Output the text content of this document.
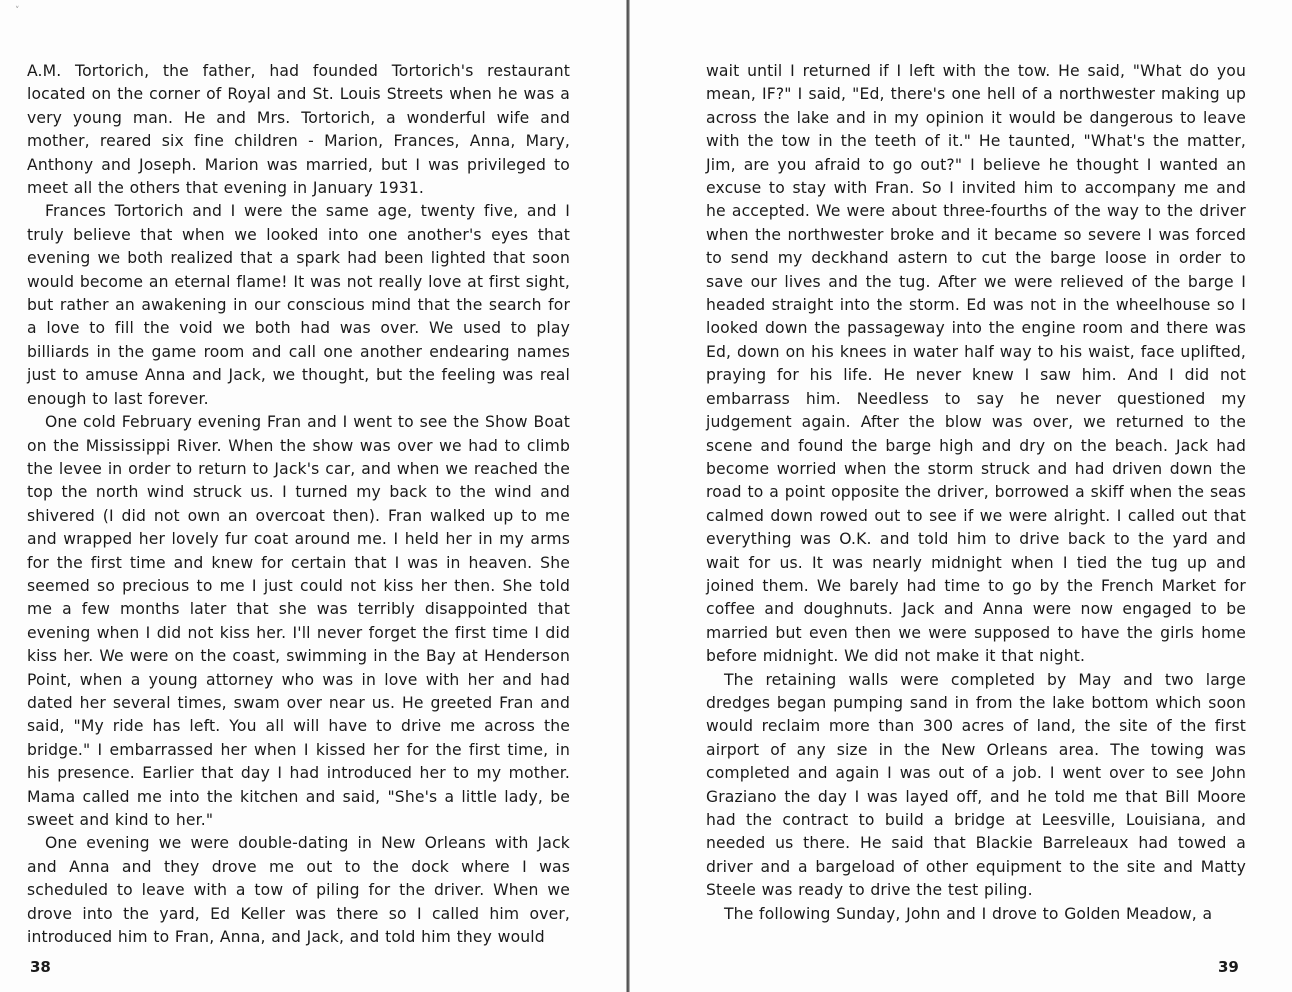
˅

A.M. Tortorich, the father, had founded Tortorich's restaurant located on the corner of Royal and St. Louis Streets when he was a very young man. He and Mrs. Tortorich, a wonderful wife and mother, reared six fine children - Marion, Frances, Anna, Mary, Anthony and Joseph. Marion was married, but I was privileged to meet all the others that evening in January 1931.

Frances Tortorich and I were the same age, twenty five, and I truly believe that when we looked into one another's eyes that evening we both realized that a spark had been lighted that soon would become an eternal flame! It was not really love at first sight, but rather an awakening in our conscious mind that the search for a love to fill the void we both had was over. We used to play billiards in the game room and call one another endearing names just to amuse Anna and Jack, we thought, but the feeling was real enough to last forever.

One cold February evening Fran and I went to see the Show Boat on the Mississippi River. When the show was over we had to climb the levee in order to return to Jack's car, and when we reached the top the north wind struck us. I turned my back to the wind and shivered (I did not own an overcoat then). Fran walked up to me and wrapped her lovely fur coat around me. I held her in my arms for the first time and knew for certain that I was in heaven. She seemed so precious to me I just could not kiss her then. She told me a few months later that she was terribly disappointed that evening when I did not kiss her. I'll never forget the first time I did kiss her. We were on the coast, swimming in the Bay at Henderson Point, when a young attorney who was in love with her and had dated her several times, swam over near us. He greeted Fran and said, "My ride has left. You all will have to drive me across the bridge." I embarrassed her when I kissed her for the first time, in his presence. Earlier that day I had introduced her to my mother. Mama called me into the kitchen and said, "She's a little lady, be sweet and kind to her."

One evening we were double-dating in New Orleans with Jack and Anna and they drove me out to the dock where I was scheduled to leave with a tow of piling for the driver. When we drove into the yard, Ed Keller was there so I called him over, introduced him to Fran, Anna, and Jack, and told him they would

38

wait until I returned if I left with the tow. He said, "What do you mean, IF?" I said, "Ed, there's one hell of a northwester making up across the lake and in my opinion it would be dangerous to leave with the tow in the teeth of it." He taunted, "What's the matter, Jim, are you afraid to go out?" I believe he thought I wanted an excuse to stay with Fran. So I invited him to accompany me and he accepted. We were about three-fourths of the way to the driver when the northwester broke and it became so severe I was forced to send my deckhand astern to cut the barge loose in order to save our lives and the tug. After we were relieved of the barge I headed straight into the storm. Ed was not in the wheelhouse so I looked down the passageway into the engine room and there was Ed, down on his knees in water half way to his waist, face uplifted, praying for his life. He never knew I saw him. And I did not embarrass him. Needless to say he never questioned my judgement again. After the blow was over, we returned to the scene and found the barge high and dry on the beach. Jack had become worried when the storm struck and had driven down the road to a point opposite the driver, borrowed a skiff when the seas calmed down rowed out to see if we were alright. I called out that everything was O.K. and told him to drive back to the yard and wait for us. It was nearly midnight when I tied the tug up and joined them. We barely had time to go by the French Market for coffee and doughnuts. Jack and Anna were now engaged to be married but even then we were supposed to have the girls home before midnight. We did not make it that night.

The retaining walls were completed by May and two large dredges began pumping sand in from the lake bottom which soon would reclaim more than 300 acres of land, the site of the first airport of any size in the New Orleans area. The towing was completed and again I was out of a job. I went over to see John Graziano the day I was layed off, and he told me that Bill Moore had the contract to build a bridge at Leesville, Louisiana, and needed us there. He said that Blackie Barreleaux had towed a driver and a bargeload of other equipment to the site and Matty Steele was ready to drive the test piling.

The following Sunday, John and I drove to Golden Meadow, a

39
